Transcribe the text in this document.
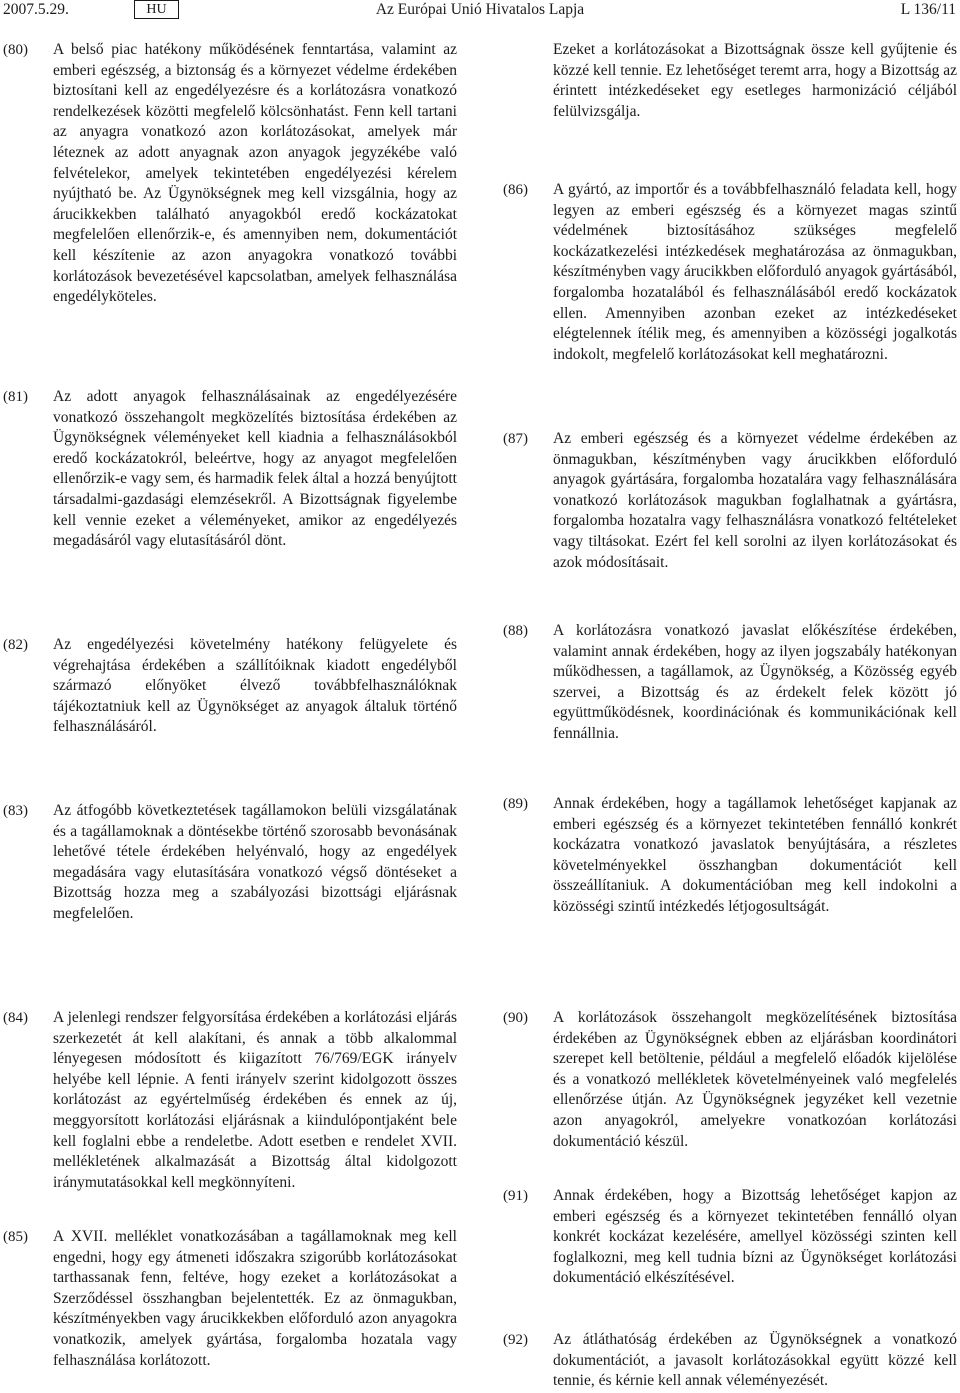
2007.5.29.	HU	Az Európai Unió Hivatalos Lapja	L 136/11
(80)	A belső piac hatékony működésének fenntartása, valamint az emberi egészség, a biztonság és a környezet védelme érdekében biztosítani kell az engedélyezésre és a korlátozásra vonatkozó rendelkezések közötti megfelelő kölcsönhatást. Fenn kell tartani az anyagra vonatkozó azon korlátozásokat, amelyek már léteznek az adott anyagnak azon anyagok jegyzékébe való felvételekor, amelyek tekintetében engedélyezési kérelem nyújtható be. Az Ügynökségnek meg kell vizsgálnia, hogy az árucikkekben található anyagokból eredő kockázatokat megfelelően ellenőrzik-e, és amennyiben nem, dokumentációt kell készítenie az azon anyagokra vonatkozó további korlátozások bevezetésével kapcsolatban, amelyek felhasználása engedélyköteles.
(81)	Az adott anyagok felhasználásainak az engedélyezésére vonatkozó összehangolt megközelítés biztosítása érdekében az Ügynökségnek véleményeket kell kiadnia a felhasználásokból eredő kockázatokról, beleértve, hogy az anyagot megfelelően ellenőrzik-e vagy sem, és harmadik felek által a hozzá benyújtott társadalmi-gazdasági elemzésekről. A Bizottságnak figyelembe kell vennie ezeket a véleményeket, amikor az engedélyezés megadásáról vagy elutasításáról dönt.
(82)	Az engedélyezési követelmény hatékony felügyelete és végrehajtása érdekében a szállítóiknak kiadott engedélyből származó előnyöket élvező továbbfelhasználóknak tájékoztatniuk kell az Ügynökséget az anyagok általuk történő felhasználásáról.
(83)	Az átfogóbb következtetések tagállamokon belüli vizsgálatának és a tagállamoknak a döntésekbe történő szorosabb bevonásának lehetővé tétele érdekében helyénvaló, hogy az engedélyek megadására vagy elutasítására vonatkozó végső döntéseket a Bizottság hozza meg a szabályozási bizottsági eljárásnak megfelelően.
(84)	A jelenlegi rendszer felgyorsítása érdekében a korlátozási eljárás szerkezetét át kell alakítani, és annak a több alkalommal lényegesen módosított és kiigazított 76/769/EGK irányelv helyébe kell lépnie. A fenti irányelv szerint kidolgozott összes korlátozást az egyértelműség érdekében és ennek az új, meggyorsított korlátozási eljárásnak a kiindulópontjaként bele kell foglalni ebbe a rendeletbe. Adott esetben e rendelet XVII. mellékletének alkalmazását a Bizottság által kidolgozott iránymutatásokkal kell megkönnyíteni.
(85)	A XVII. melléklet vonatkozásában a tagállamoknak meg kell engedni, hogy egy átmeneti időszakra szigorúbb korlátozásokat tarthassanak fenn, feltéve, hogy ezeket a korlátozásokat a Szerződéssel összhangban bejelentették. Ez az önmagukban, készítményekben vagy árucikkekben előforduló azon anyagokra vonatkozik, amelyek gyártása, forgalomba hozatala vagy felhasználása korlátozott.
Ezeket a korlátozásokat a Bizottságnak össze kell gyűjtenie és közzé kell tennie. Ez lehetőséget teremt arra, hogy a Bizottság az érintett intézkedéseket egy esetleges harmonizáció céljából felülvizsgálja.
(86)	A gyártó, az importőr és a továbbfelhasználó feladata kell, hogy legyen az emberi egészség és a környezet magas szintű védelmének biztosításához szükséges megfelelő kockázatkezelési intézkedések meghatározása az önmagukban, készítményben vagy árucikkben előforduló anyagok gyártásából, forgalomba hozatalából és felhasználásából eredő kockázatok ellen. Amennyiben azonban ezeket az intézkedéseket elégtelennek ítélik meg, és amennyiben a közösségi jogalkotás indokolt, megfelelő korlátozásokat kell meghatározni.
(87)	Az emberi egészség és a környezet védelme érdekében az önmagukban, készítményben vagy árucikkben előforduló anyagok gyártására, forgalomba hozatalára vagy felhasználására vonatkozó korlátozások magukban foglalhatnak a gyártásra, forgalomba hozatalra vagy felhasználásra vonatkozó feltételeket vagy tiltásokat. Ezért fel kell sorolni az ilyen korlátozásokat és azok módosításait.
(88)	A korlátozásra vonatkozó javaslat előkészítése érdekében, valamint annak érdekében, hogy az ilyen jogszabály hatékonyan működhessen, a tagállamok, az Ügynökség, a Közösség egyéb szervei, a Bizottság és az érdekelt felek között jó együttműködésnek, koordinációnak és kommunikációnak kell fennállnia.
(89)	Annak érdekében, hogy a tagállamok lehetőséget kapjanak az emberi egészség és a környezet tekintetében fennálló konkrét kockázatra vonatkozó javaslatok benyújtására, a részletes követelményekkel összhangban dokumentációt kell összeállítaniuk. A dokumentációban meg kell indokolni a közösségi szintű intézkedés létjogosultságát.
(90)	A korlátozások összehangolt megközelítésének biztosítása érdekében az Ügynökségnek ebben az eljárásban koordinátori szerepet kell betöltenie, például a megfelelő előadók kijelölése és a vonatkozó mellékletek követelményeinek való megfelelés ellenőrzése útján. Az Ügynökségnek jegyzéket kell vezetnie azon anyagokról, amelyekre vonatkozóan korlátozási dokumentáció készül.
(91)	Annak érdekében, hogy a Bizottság lehetőséget kapjon az emberi egészség és a környezet tekintetében fennálló olyan konkrét kockázat kezelésére, amellyel közösségi szinten kell foglalkozni, meg kell tudnia bízni az Ügynökséget korlátozási dokumentáció elkészítésével.
(92)	Az átláthatóság érdekében az Ügynökségnek a vonatkozó dokumentációt, a javasolt korlátozásokkal együtt közzé kell tennie, és kérnie kell annak véleményezését.
